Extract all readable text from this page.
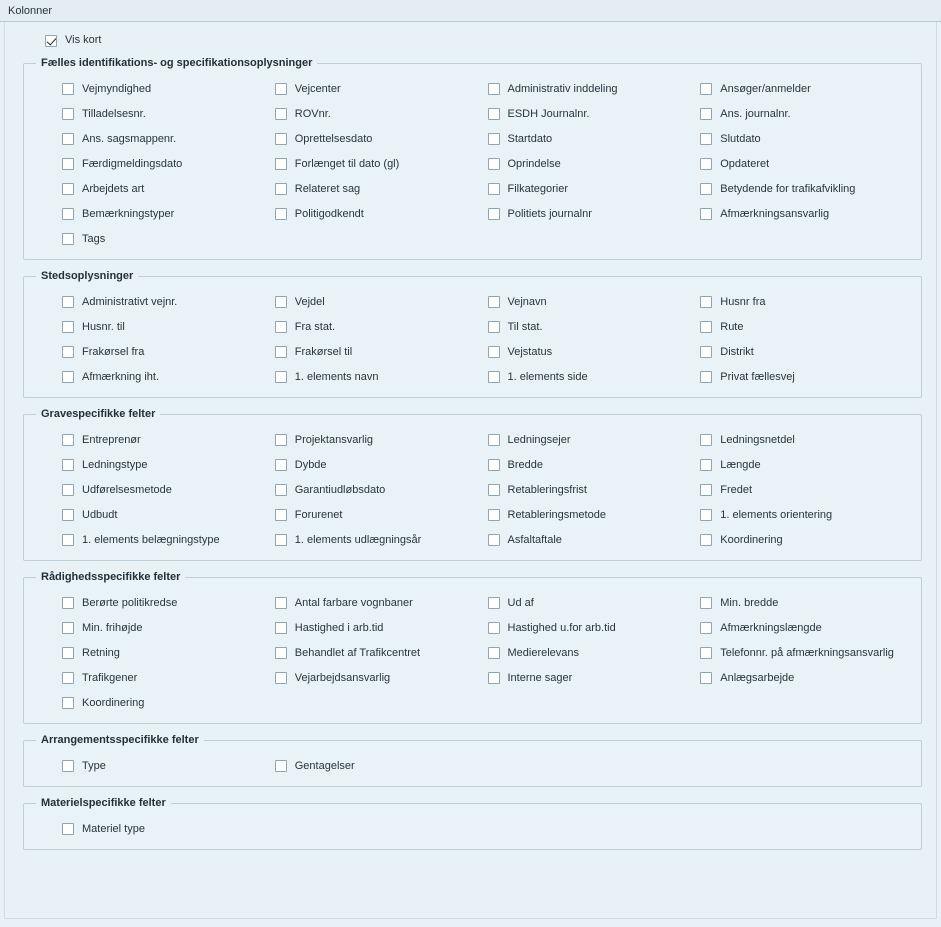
Kolonner
Vis kort
Fælles identifikations- og specifikationsoplysninger
Vejmyndighed	Vejcenter	Administrativ inddeling	Ansøger/anmelder
Tilladelsesnr.	ROVnr.	ESDH Journalnr.	Ans. journalnr.
Ans. sagsmappenr.	Oprettelsesdato	Startdato	Slutdato
Færdigmeldingsdato	Forlænget til dato (gl)	Oprindelse	Opdateret
Arbejdets art	Relateret sag	Filkategorier	Betydende for trafikafvikling
Bemærkningstyper	Politigodkendt	Politiets journalnr	Afmærkningsansvarlig
Tags
Stedsoplysninger
Administrativt vejnr.	Vejdel	Vejnavn	Husnr fra
Husnr. til	Fra stat.	Til stat.	Rute
Frakørsel fra	Frakørsel til	Vejstatus	Distrikt
Afmærkning iht.	1. elements navn	1. elements side	Privat fællesvej
Gravespecifikke felter
Entreprenør	Projektansvarlig	Ledningsejer	Ledningsnetdel
Ledningstype	Dybde	Bredde	Længde
Udførelsesmetode	Garantiudløbsdato	Retableringsfrist	Fredet
Udbudt	Forurenet	Retableringsmetode	1. elements orientering
1. elements belægningstype	1. elements udlægningsår	Asfaltaftale	Koordinering
Rådighedsspecifikke felter
Berørte politikredse	Antal farbare vognbaner	Ud af	Min. bredde
Min. frihøjde	Hastighed i arb.tid	Hastighed u.for arb.tid	Afmærkningslængde
Retning	Behandlet af Trafikcentret	Medierelevans	Telefonnr. på afmærkningsansvarlig
Trafikgener	Vejarbejdsansvarlig	Interne sager	Anlægsarbejde
Koordinering
Arrangementsspecifikke felter
Type	Gentagelser
Materielspecifikke felter
Materiel type
